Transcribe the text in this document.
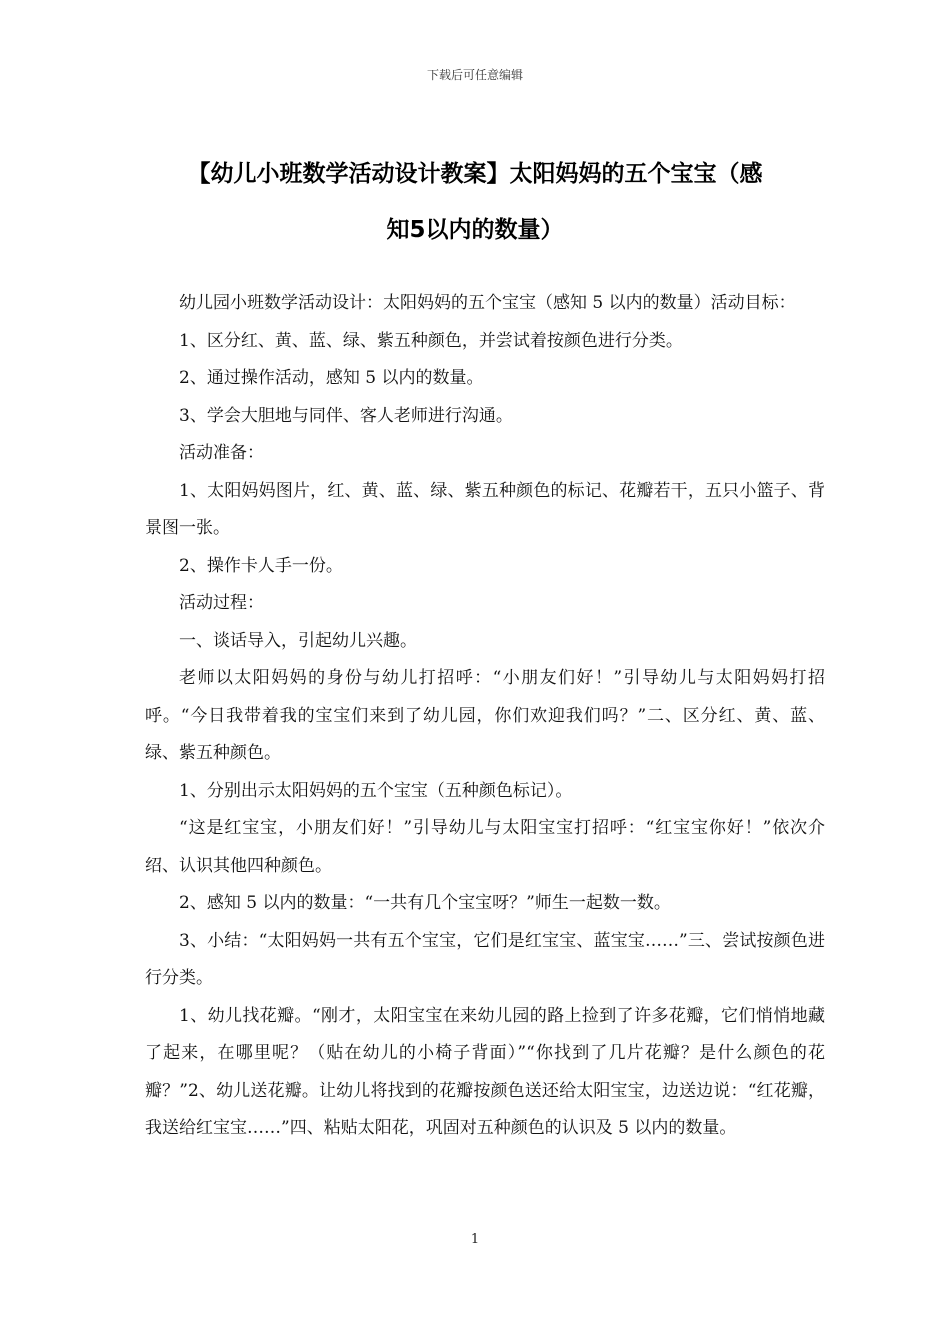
下载后可任意编辑
【幼儿小班数学活动设计教案】太阳妈妈的五个宝宝（感
知5以内的数量）

幼儿园小班数学活动设计：太阳妈妈的五个宝宝（感知 5 以内的数量）活动目标：

1、区分红、黄、蓝、绿、紫五种颜色，并尝试着按颜色进行分类。

2、通过操作活动，感知 5 以内的数量。

3、学会大胆地与同伴、客人老师进行沟通。

活动准备：

1、太阳妈妈图片，红、黄、蓝、绿、紫五种颜色的标记、花瓣若干，五只小篮子、背景图一张。

2、操作卡人手一份。

活动过程：

一、谈话导入，引起幼儿兴趣。

老师以太阳妈妈的身份与幼儿打招呼：“小朋友们好！”引导幼儿与太阳妈妈打招呼。“今日我带着我的宝宝们来到了幼儿园，你们欢迎我们吗？”二、区分红、黄、蓝、绿、紫五种颜色。

1、分别出示太阳妈妈的五个宝宝（五种颜色标记）。

“这是红宝宝，小朋友们好！”引导幼儿与太阳宝宝打招呼：“红宝宝你好！”依次介绍、认识其他四种颜色。

2、感知 5 以内的数量：“一共有几个宝宝呀？”师生一起数一数。

3、小结：“太阳妈妈一共有五个宝宝，它们是红宝宝、蓝宝宝……”三、尝试按颜色进行分类。

1、幼儿找花瓣。“刚才，太阳宝宝在来幼儿园的路上捡到了许多花瓣，它们悄悄地藏了起来，在哪里呢？（贴在幼儿的小椅子背面）”“你找到了几片花瓣？是什么颜色的花瓣？”2、幼儿送花瓣。让幼儿将找到的花瓣按颜色送还给太阳宝宝，边送边说：“红花瓣，我送给红宝宝……”四、粘贴太阳花，巩固对五种颜色的认识及 5 以内的数量。

1
